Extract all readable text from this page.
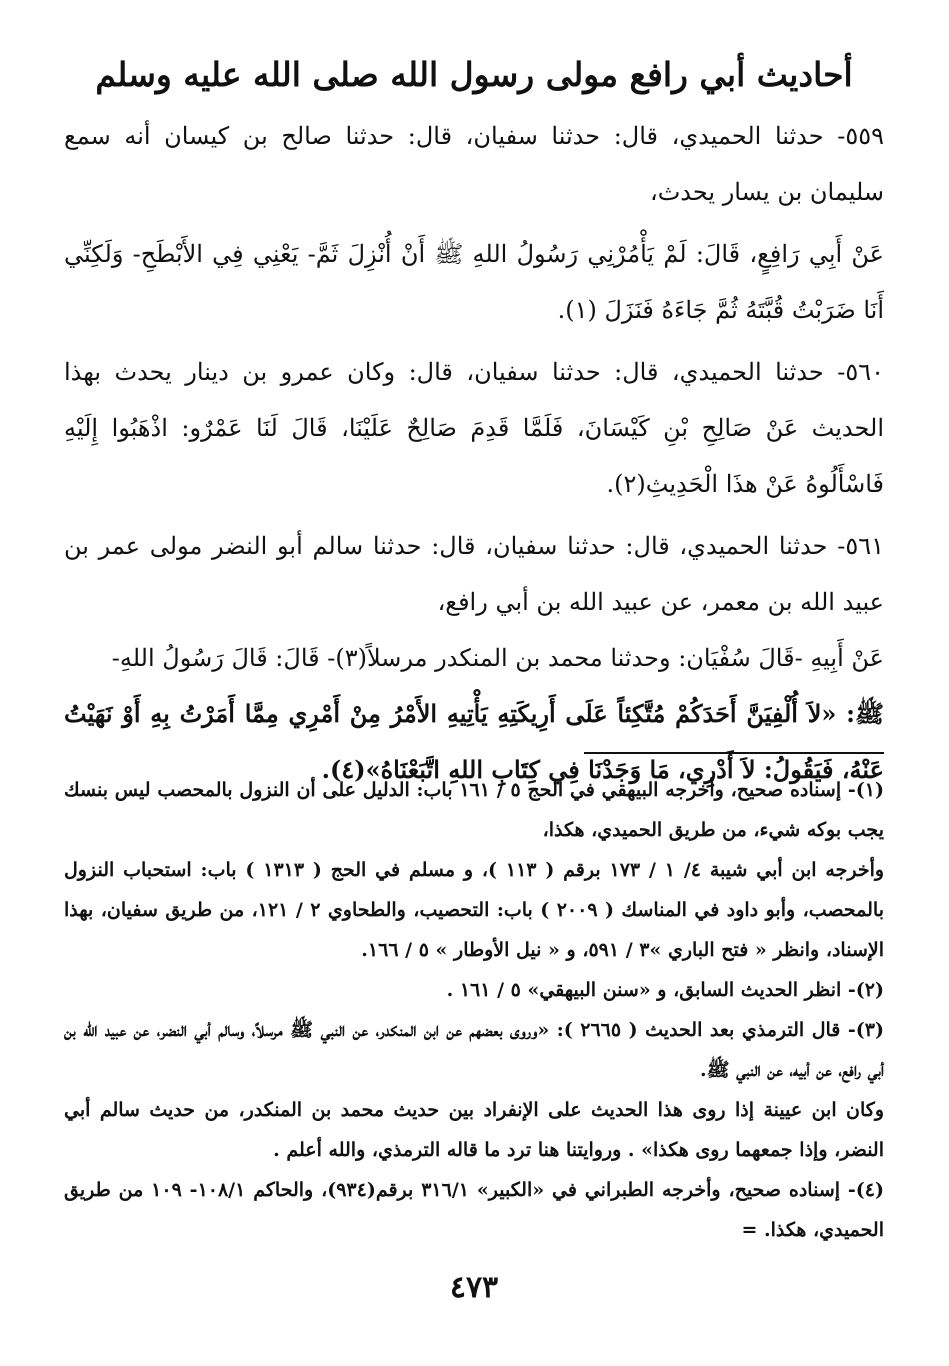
أحاديث أبي رافع مولى رسول الله صلى الله عليه وسلم

٥٥٩- حدثنا الحميدي، قال: حدثنا سفيان، قال: حدثنا صالح بن كيسان أنه سمع سليمان بن يسار يحدث،

عَنْ أَبِي رَافِعٍ، قَالَ: لَمْ يَأْمُرْنِي رَسُولُ اللهِ ﷺ أَنْ أُنْزِلَ ثَمَّ- يَعْنِي فِي الأَبْطَحِ- وَلَكِنِّي أَنَا ضَرَبْتُ قُبَّتَهُ ثُمَّ جَاءَهُ فَنَزَلَ (١).

٥٦٠- حدثنا الحميدي، قال: حدثنا سفيان، قال: وكان عمرو بن دينار يحدث بهذا الحديث عَنْ صَالِحِ بْنِ كَيْسَانَ، فَلَمَّا قَدِمَ صَالِحٌ عَلَيْنَا، قَالَ لَنَا عَمْرٌو: اذْهَبُوا إِلَيْهِ فَاسْأَلُوهُ عَنْ هذَا الْحَدِيثِ(٢).

٥٦١- حدثنا الحميدي، قال: حدثنا سفيان، قال: حدثنا سالم أبو النضر مولى عمر بن عبيد الله بن معمر، عن عبيد الله بن أبي رافع،

عَنْ أَبِيهِ -قَالَ سُفْيَان: وحدثنا محمد بن المنكدر مرسلاً(٣)- قَالَ: قَالَ رَسُولُ اللهِ-

ﷺ: «لاَ أُلْفِيَنَّ أَحَدَكُمْ مُتَّكِئاً عَلَى أَرِيكَتِهِ يَأْتِيهِ الأَمْرُ مِنْ أَمْرِي مِمَّا أَمَرْتُ بِهِ أَوْ نَهَيْتُ عَنْهُ، فَيَقُولُ: لاَ أَدْرِي، مَا وَجَدْنَا فِي كِتَابِ اللهِ اتَّبَعْنَاهُ»(٤).

(١)- إسناده صحيح، وأخرجه البيهقي في الحج ٥ / ١٦١ باب: الدليل على أن النزول بالمحصب ليس بنسك يجب بوكه شيء، من طريق الحميدي، هكذا،

وأخرجه ابن أبي شيبة ٤/ ١ / ١٧٣ برقم ( ١١٣ )، و مسلم في الحج ( ١٣١٣ ) باب: استحباب النزول بالمحصب، وأبو داود في المناسك ( ٢٠٠٩ ) باب: التحصيب، والطحاوي ٢ / ١٢١، من طريق سفيان، بهذا الإسناد، وانظر « فتح الباري »٣ / ٥٩١، و « نيل الأوطار » ٥ / ١٦٦.

(٢)- انظر الحديث السابق، و «سنن البيهقي» ٥ / ١٦١ .

(٣)- قال الترمذي بعد الحديث ( ٢٦٦٥ ): «وروى بعضهم عن ابن المنكدر، عن النبي ﷺ مرسلاً، وسالم أبي النضر، عن عبيد الله بن أبي رافع، عن أبيه، عن النبي ﷺ.

وكان ابن عيينة إذا روى هذا الحديث على الإنفراد بين حديث محمد بن المنكدر، من حديث سالم أبي النضر، وإذا جمعهما روى هكذا» . وروايتنا هنا ترد ما قاله الترمذي، والله أعلم .

(٤)- إسناده صحيح، وأخرجه الطبراني في «الكبير» ٣١٦/١ برقم(٩٣٤)، والحاكم ١٠٨/١- ١٠٩ من طريق الحميدي، هكذا. =

٤٧٣
